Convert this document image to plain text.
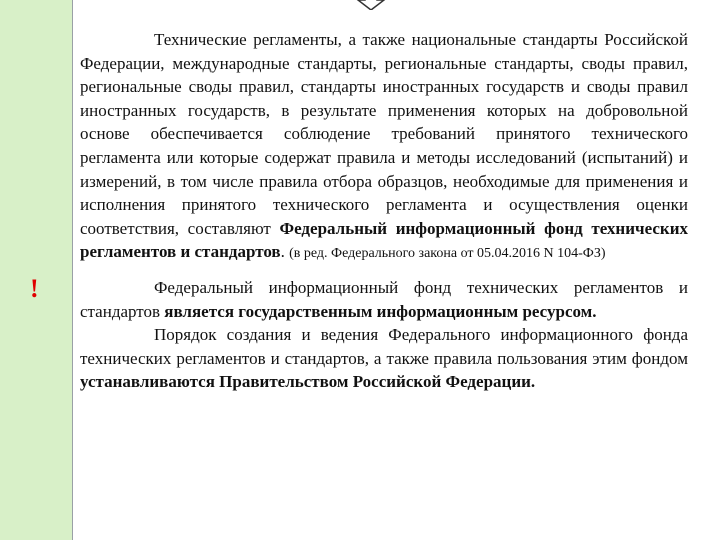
!

Технические регламенты, а также национальные стандарты Российской Федерации, международные стандарты, региональные стандарты, своды правил, региональные своды правил, стандарты иностранных государств и своды правил иностранных государств, в результате применения которых на добровольной основе обеспечивается соблюдение требований принятого технического регламента или которые содержат правила и методы исследований (испытаний) и измерений, в том числе правила отбора образцов, необходимые для применения и исполнения принятого технического регламента и осуществления оценки соответствия, составляют Федеральный информационный фонд технических регламентов и стандартов. (в ред. Федерального закона от 05.04.2016 N 104-ФЗ)

Федеральный информационный фонд технических регламентов и стандартов является государственным информационным ресурсом.

Порядок создания и ведения Федерального информационного фонда технических регламентов и стандартов, а также правила пользования этим фондом устанавливаются Правительством Российской Федерации.
